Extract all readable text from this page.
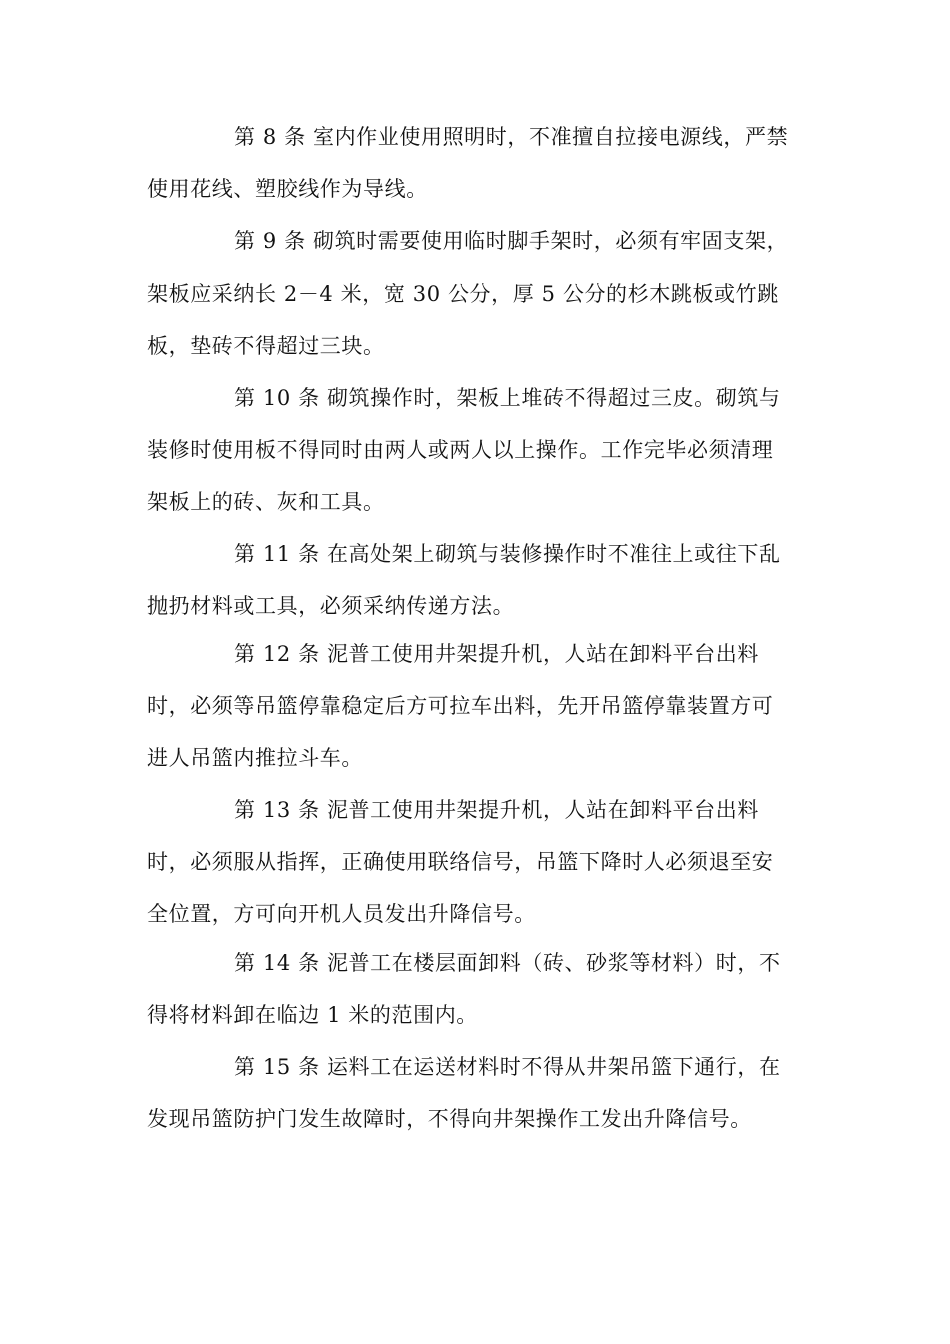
第 8 条 室内作业使用照明时，不准擅自拉接电源线，严禁
使用花线、塑胶线作为导线。
第 9 条 砌筑时需要使用临时脚手架时，必须有牢固支架，
架板应采纳长 2－4 米，宽 30 公分，厚 5 公分的杉木跳板或竹跳
板，垫砖不得超过三块。
第 10 条 砌筑操作时，架板上堆砖不得超过三皮。砌筑与
装修时使用板不得同时由两人或两人以上操作。工作完毕必须清理
架板上的砖、灰和工具。
第 11 条 在高处架上砌筑与装修操作时不准往上或往下乱
抛扔材料或工具，必须采纳传递方法。
第 12 条 泥普工使用井架提升机，人站在卸料平台出料
时，必须等吊篮停靠稳定后方可拉车出料，先开吊篮停靠装置方可
进人吊篮内推拉斗车。
第 13 条 泥普工使用井架提升机，人站在卸料平台出料
时，必须服从指挥，正确使用联络信号，吊篮下降时人必须退至安
全位置，方可向开机人员发出升降信号。
第 14 条 泥普工在楼层面卸料（砖、砂浆等材料）时，不
得将材料卸在临边 1 米的范围内。
第 15 条 运料工在运送材料时不得从井架吊篮下通行，在
发现吊篮防护门发生故障时，不得向井架操作工发出升降信号。
